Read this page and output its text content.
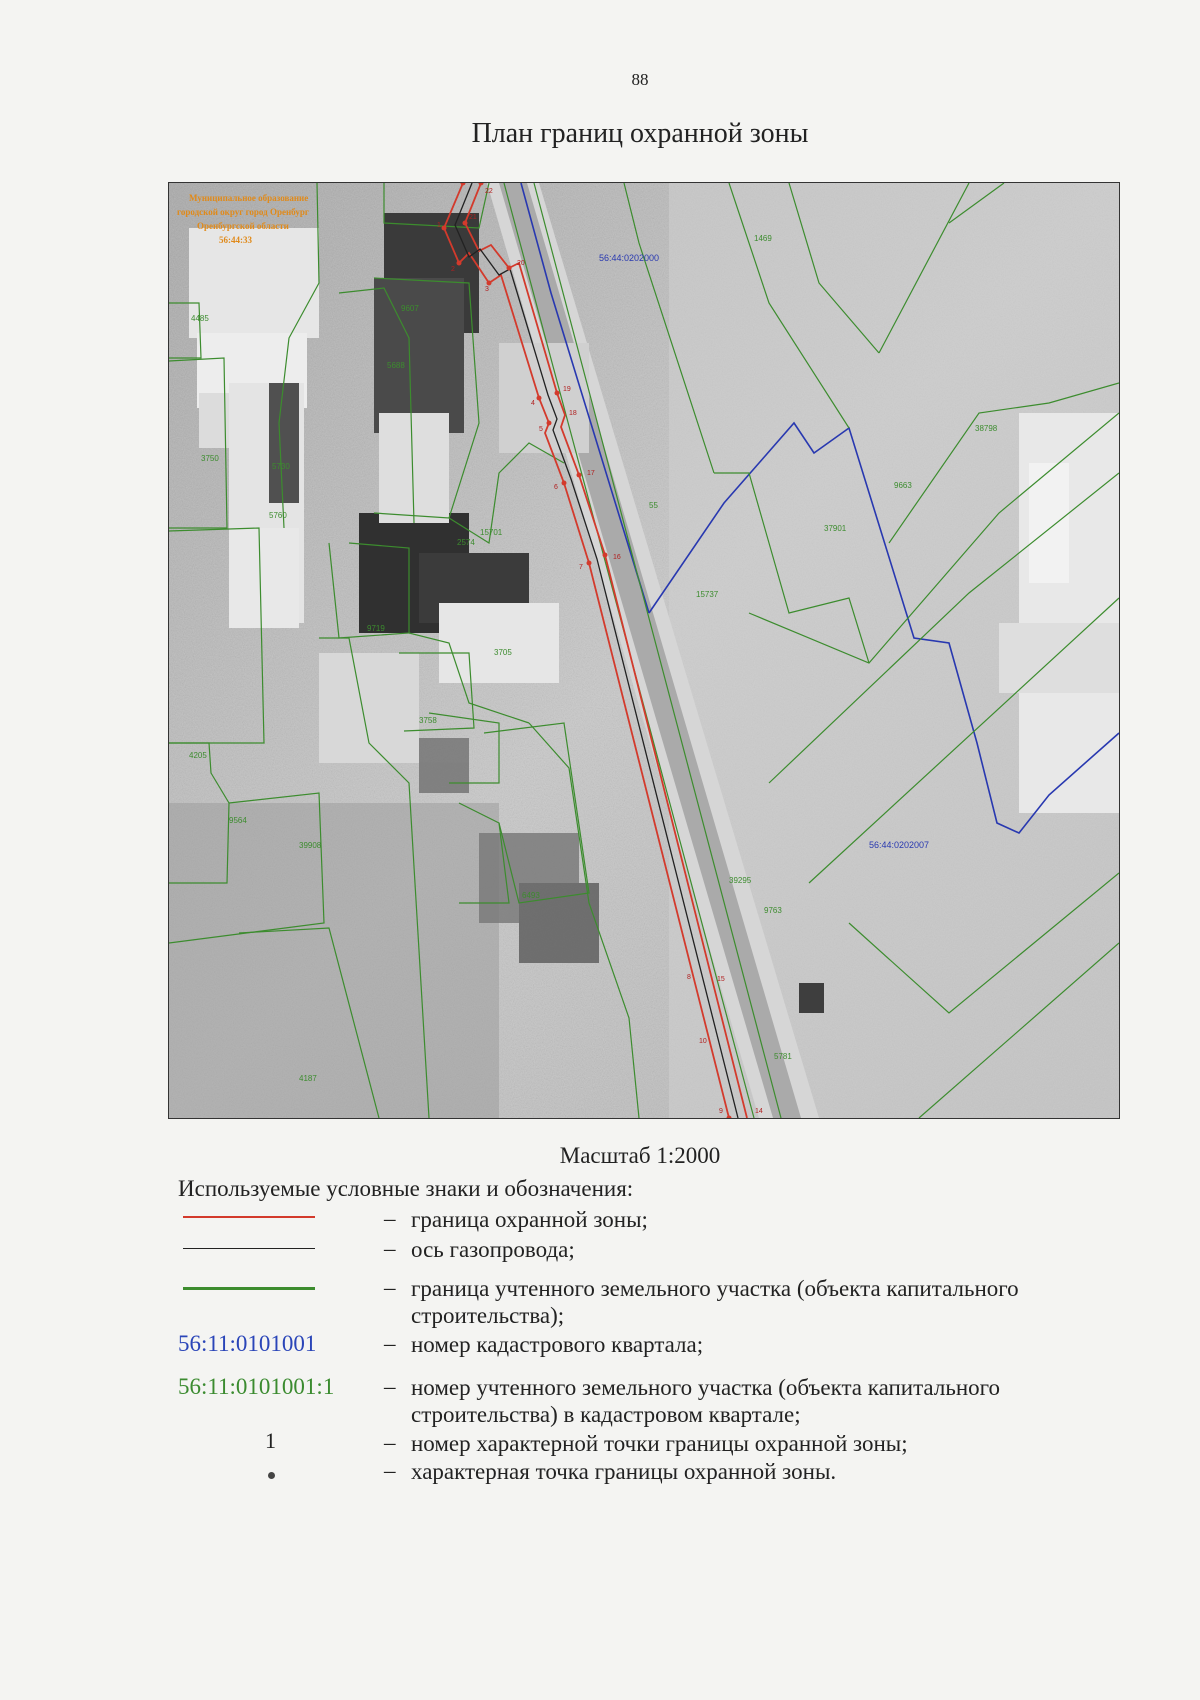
88
План границ охранной зоны
Муниципальное образование
городской округ город Оренбург
Оренбургской области
56:44:33
56:44:0202000
56:44:0202007
1469
4485
9607
5688
3750
5730
15701
38798
9663
37901
5760
2574
15737
9719
3705
3758
4205
9564
39908
6493
39295
9763
4187
55
5781
1
2
3
4
5
6
7
8
9
10
14
15
16
17
18
19
20
21
22
Масштаб 1:2000
Используемые условные знаки и обозначения:
– граница охранной зоны;
– ось газопровода;
– граница учтенного земельного участка (объекта капитального строительства);
56:11:0101001	– номер кадастрового квартала;
56:11:0101001:1 – номер учтенного земельного участка (объекта капитального строительства) в кадастровом квартале;
1	– номер характерной точки границы охранной зоны;
– характерная точка границы охранной зоны.
